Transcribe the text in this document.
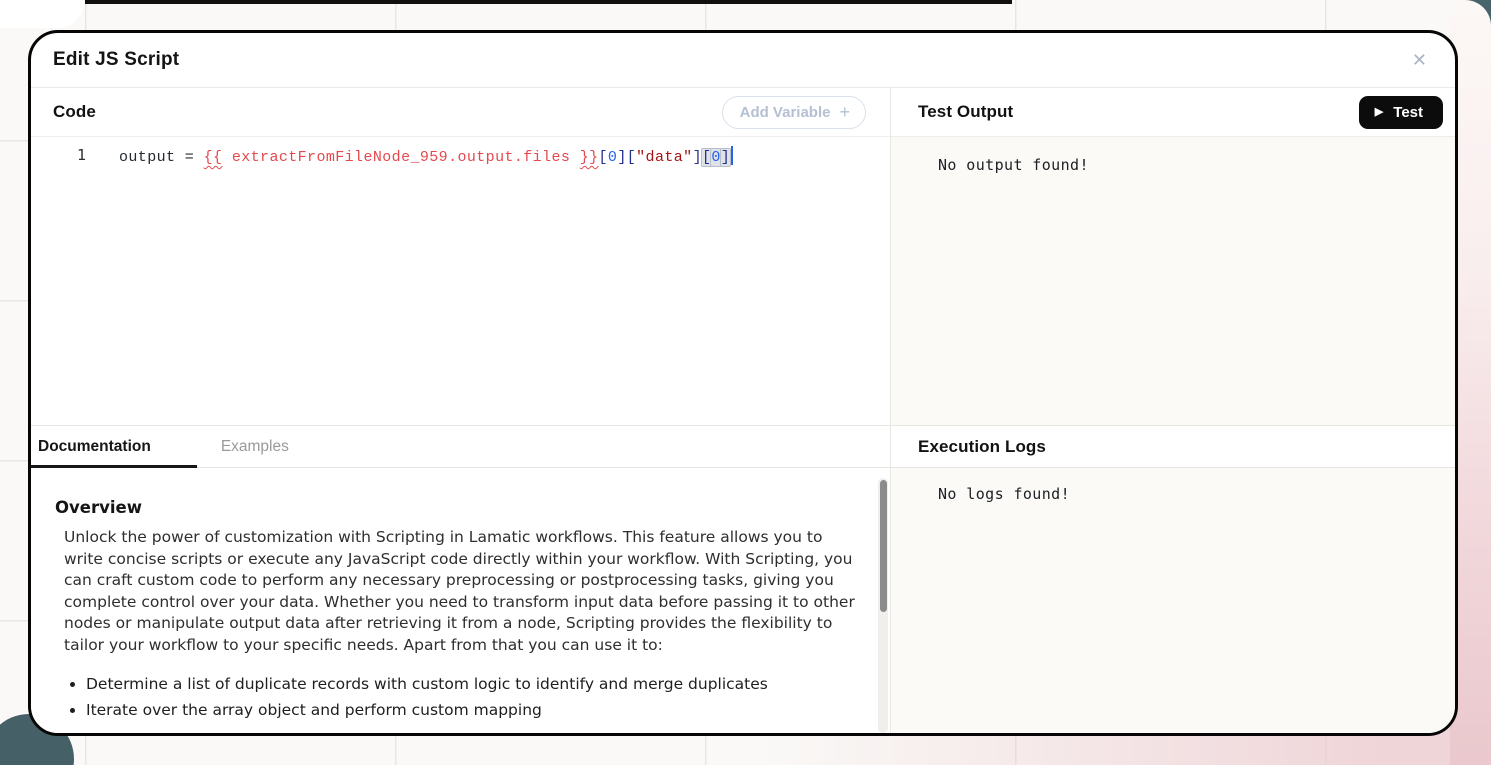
Edit JS Script	✕
Code	Add Variable +
1	output = {{ extractFromFileNode_959.output.files }}[0]["data"][0]
Documentation	Examples
Overview

Unlock the power of customization with Scripting in Lamatic workflows. This feature allows you to write concise scripts or execute any JavaScript code directly within your workflow. With Scripting, you can craft custom code to perform any necessary preprocessing or postprocessing tasks, giving you complete control over your data. Whether you need to transform input data before passing it to other nodes or manipulate output data after retrieving it from a node, Scripting provides the flexibility to tailor your workflow to your specific needs. Apart from that you can use it to:

• Determine a list of duplicate records with custom logic to identify and merge duplicates
• Iterate over the array object and perform custom mapping
Test Output	▶ Test
No output found!
Execution Logs
No logs found!
